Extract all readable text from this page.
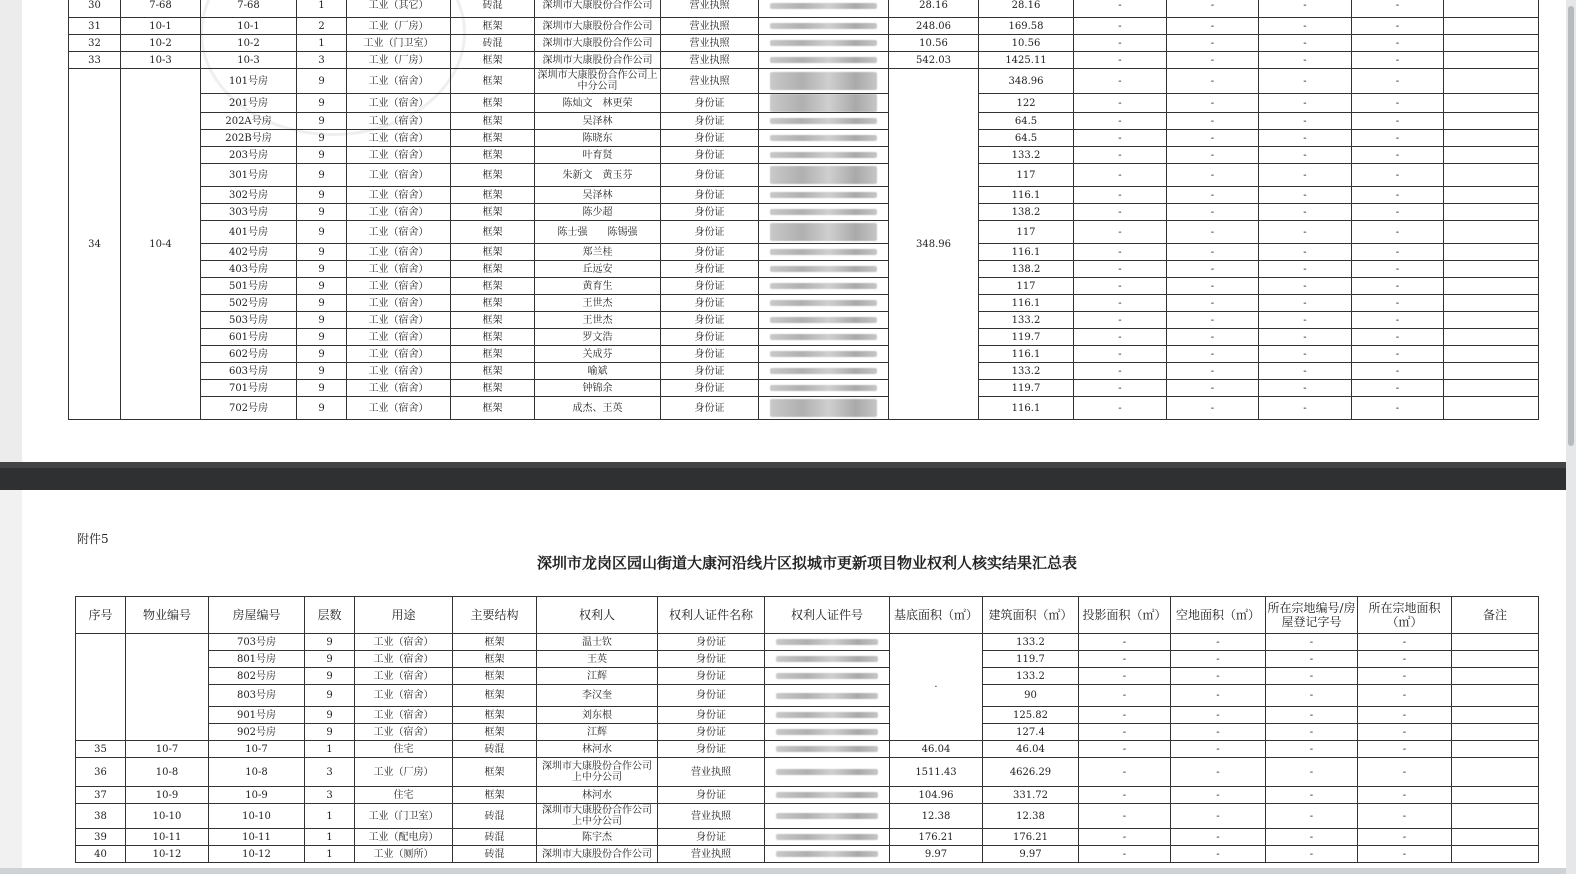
30	7-68	7-68	1	工业（其它）	砖混	深圳市大康股份合作公司	营业执照		28.16	28.16	-	-	-	-	
31	10-1	10-1	2	工业（厂房）	框架	深圳市大康股份合作公司	营业执照		248.06	169.58	-	-	-	-	
32	10-2	10-2	1	工业（门卫室）	砖混	深圳市大康股份合作公司	营业执照		10.56	10.56	-	-	-	-	
33	10-3	10-3	3	工业（厂房）	框架	深圳市大康股份合作公司	营业执照		542.03	1425.11	-	-	-	-	
34	10-4	101号房	9	工业（宿舍）	框架	深圳市大康股份合作公司上中分公司	营业执照		348.96	348.96	-	-	-	-	
		201号房	9	工业（宿舍）	框架	陈灿文　林更荣	身份证			122	-	-	-	-	
		202A号房	9	工业（宿舍）	框架	吴泽林	身份证			64.5	-	-	-	-	
		202B号房	9	工业（宿舍）	框架	陈晓东	身份证			64.5	-	-	-	-	
		203号房	9	工业（宿舍）	框架	叶育贤	身份证			133.2	-	-	-	-	
		301号房	9	工业（宿舍）	框架	朱新文　黄玉芬	身份证			117	-	-	-	-	
		302号房	9	工业（宿舍）	框架	吴泽林	身份证			116.1	-	-	-	-	
		303号房	9	工业（宿舍）	框架	陈少超	身份证			138.2	-	-	-	-	
		401号房	9	工业（宿舍）	框架	陈士强　　陈锡强	身份证			117	-	-	-	-	
		402号房	9	工业（宿舍）	框架	郑兰桂	身份证			116.1	-	-	-	-	
		403号房	9	工业（宿舍）	框架	丘远安	身份证			138.2	-	-	-	-	
		501号房	9	工业（宿舍）	框架	黄育生	身份证			117	-	-	-	-	
		502号房	9	工业（宿舍）	框架	王世杰	身份证			116.1	-	-	-	-	
		503号房	9	工业（宿舍）	框架	王世杰	身份证			133.2	-	-	-	-	
		601号房	9	工业（宿舍）	框架	罗文浩	身份证			119.7	-	-	-	-	
		602号房	9	工业（宿舍）	框架	关成芬	身份证			116.1	-	-	-	-	
		603号房	9	工业（宿舍）	框架	喻斌	身份证			133.2	-	-	-	-	
		701号房	9	工业（宿舍）	框架	钟锦余	身份证			119.7	-	-	-	-	
		702号房	9	工业（宿舍）	框架	成杰、王英	身份证			116.1	-	-	-	-	
附件5
深圳市龙岗区园山街道大康河沿线片区拟城市更新项目物业权利人核实结果汇总表
序号	物业编号	房屋编号	层数	用途	主要结构	权利人	权利人证件名称	权利人证件号	基底面积（㎡）	建筑面积（㎡）	投影面积（㎡）	空地面积（㎡）	所在宗地编号/房屋登记字号	所在宗地面积（㎡）	备注
		703号房	9	工业（宿舍）	框架	温士钦	身份证		·	133.2	-	-	-	-	
		801号房	9	工业（宿舍）	框架	王英	身份证			119.7	-	-	-	-	
		802号房	9	工业（宿舍）	框架	江辉	身份证			133.2	-	-	-	-	
		803号房	9	工业（宿舍）	框架	李汉奎	身份证			90	-	-	-	-	
		901号房	9	工业（宿舍）	框架	刘东根	身份证			125.82	-	-	-	-	
		902号房	9	工业（宿舍）	框架	江辉	身份证			127.4	-	-	-	-	
35	10-7	10-7	1	住宅	砖混	林河水	身份证		46.04	46.04	-	-	-	-	
36	10-8	10-8	3	工业（厂房）	框架	深圳市大康股份合作公司上中分公司	营业执照		1511.43	4626.29	-	-	-	-	
37	10-9	10-9	3	住宅	框架	林河水	身份证		104.96	331.72	-	-	-	-	
38	10-10	10-10	1	工业（门卫室）	砖混	深圳市大康股份合作公司上中分公司	营业执照		12.38	12.38	-	-	-	-	
39	10-11	10-11	1	工业（配电房）	砖混	陈宇杰	身份证		176.21	176.21	-	-	-	-	
40	10-12	10-12	1	工业（厕所）	砖混	深圳市大康股份合作公司	营业执照		9.97	9.97	-	-	-	-	
